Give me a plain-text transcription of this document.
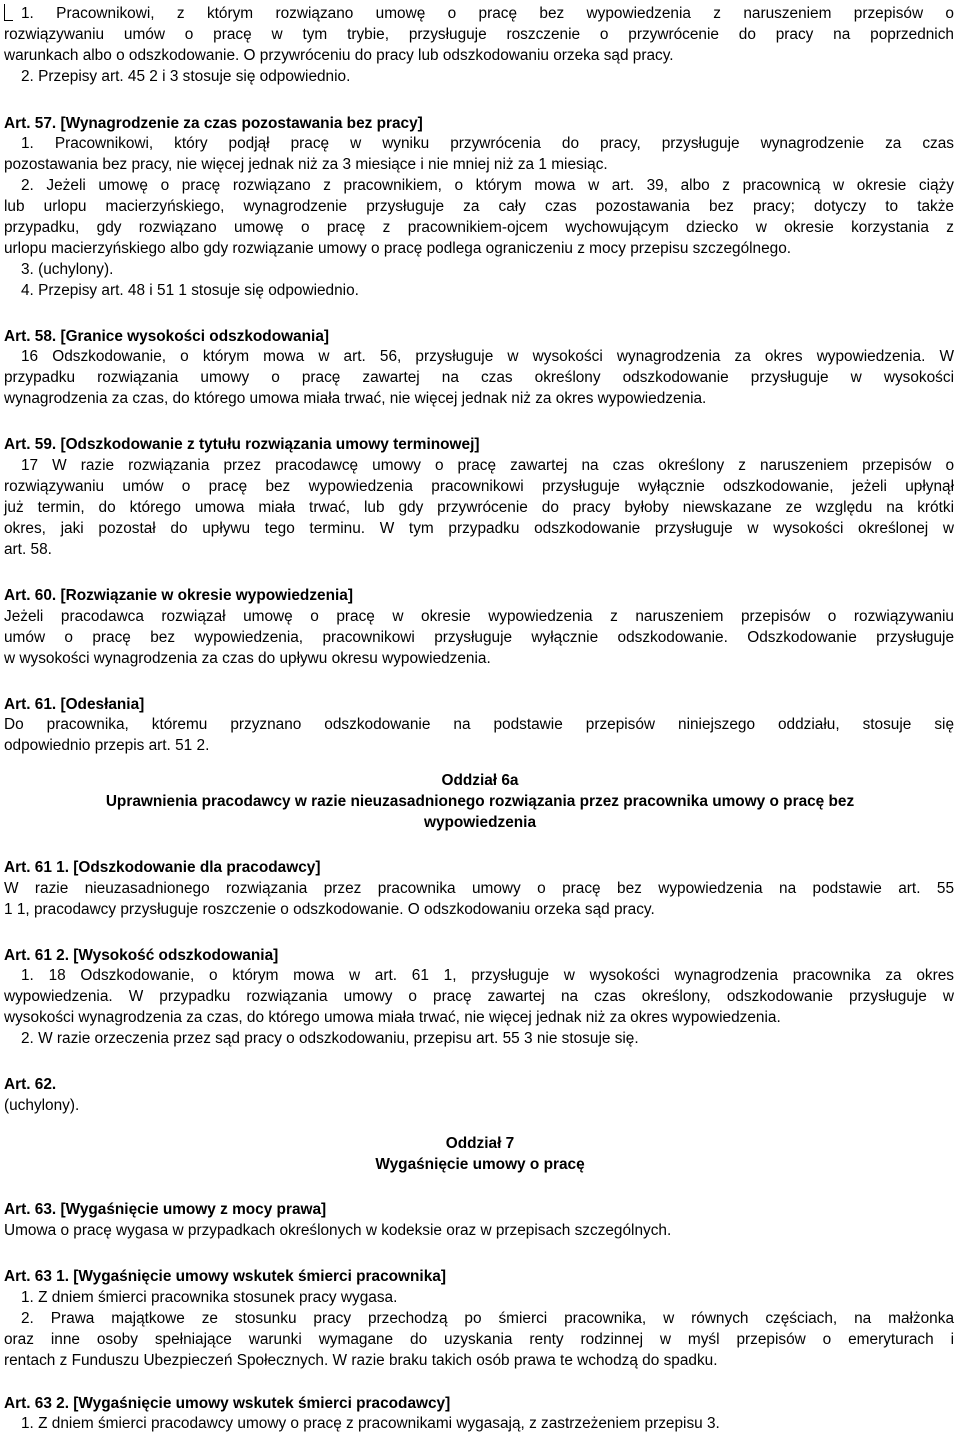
1. Pracownikowi, z którym rozwiązano umowę o pracę bez wypowiedzenia z naruszeniem przepisów o
rozwiązywaniu umów o pracę w tym trybie, przysługuje roszczenie o przywrócenie do pracy na poprzednich
warunkach albo o odszkodowanie. O przywróceniu do pracy lub odszkodowaniu orzeka sąd pracy.
2. Przepisy art. 45 2 i 3 stosuje się odpowiednio.
Art. 57. [Wynagrodzenie za czas pozostawania bez pracy]
1. Pracownikowi, który podjął pracę w wyniku przywrócenia do pracy, przysługuje wynagrodzenie za czas
pozostawania bez pracy, nie więcej jednak niż za 3 miesiące i nie mniej niż za 1 miesiąc.
2. Jeżeli umowę o pracę rozwiązano z pracownikiem, o którym mowa w art. 39, albo z pracownicą w okresie ciąży
lub urlopu macierzyńskiego, wynagrodzenie przysługuje za cały czas pozostawania bez pracy; dotyczy to także
przypadku, gdy rozwiązano umowę o pracę z pracownikiem-ojcem wychowującym dziecko w okresie korzystania z
urlopu macierzyńskiego albo gdy rozwiązanie umowy o pracę podlega ograniczeniu z mocy przepisu szczególnego.
3. (uchylony).
4. Przepisy art. 48 i 51 1 stosuje się odpowiednio.
Art. 58. [Granice wysokości odszkodowania]
16 Odszkodowanie, o którym mowa w art. 56, przysługuje w wysokości wynagrodzenia za okres wypowiedzenia. W
przypadku rozwiązania umowy o pracę zawartej na czas określony odszkodowanie przysługuje w wysokości
wynagrodzenia za czas, do którego umowa miała trwać, nie więcej jednak niż za okres wypowiedzenia.
Art. 59. [Odszkodowanie z tytułu rozwiązania umowy terminowej]
17 W razie rozwiązania przez pracodawcę umowy o pracę zawartej na czas określony z naruszeniem przepisów o
rozwiązywaniu umów o pracę bez wypowiedzenia pracownikowi przysługuje wyłącznie odszkodowanie, jeżeli upłynął
już termin, do którego umowa miała trwać, lub gdy przywrócenie do pracy byłoby niewskazane ze względu na krótki
okres, jaki pozostał do upływu tego terminu. W tym przypadku odszkodowanie przysługuje w wysokości określonej w
art. 58.
Art. 60. [Rozwiązanie w okresie wypowiedzenia]
Jeżeli pracodawca rozwiązał umowę o pracę w okresie wypowiedzenia z naruszeniem przepisów o rozwiązywaniu
umów o pracę bez wypowiedzenia, pracownikowi przysługuje wyłącznie odszkodowanie. Odszkodowanie przysługuje
w wysokości wynagrodzenia za czas do upływu okresu wypowiedzenia.
Art. 61. [Odesłania]
Do pracownika, któremu przyznano odszkodowanie na podstawie przepisów niniejszego oddziału, stosuje się
odpowiednio przepis art. 51 2.
Oddział 6a
Uprawnienia pracodawcy w razie nieuzasadnionego rozwiązania przez pracownika umowy o pracę bez
wypowiedzenia
Art. 61 1. [Odszkodowanie dla pracodawcy]
W razie nieuzasadnionego rozwiązania przez pracownika umowy o pracę bez wypowiedzenia na podstawie art. 55
1 1, pracodawcy przysługuje roszczenie o odszkodowanie. O odszkodowaniu orzeka sąd pracy.
Art. 61 2. [Wysokość odszkodowania]
1. 18 Odszkodowanie, o którym mowa w art. 61 1, przysługuje w wysokości wynagrodzenia pracownika za okres
wypowiedzenia. W przypadku rozwiązania umowy o pracę zawartej na czas określony, odszkodowanie przysługuje w
wysokości wynagrodzenia za czas, do którego umowa miała trwać, nie więcej jednak niż za okres wypowiedzenia.
2. W razie orzeczenia przez sąd pracy o odszkodowaniu, przepisu art. 55 3 nie stosuje się.
Art. 62.
(uchylony).
Oddział 7
Wygaśnięcie umowy o pracę
Art. 63. [Wygaśnięcie umowy z mocy prawa]
Umowa o pracę wygasa w przypadkach określonych w kodeksie oraz w przepisach szczególnych.
Art. 63 1. [Wygaśnięcie umowy wskutek śmierci pracownika]
1. Z dniem śmierci pracownika stosunek pracy wygasa.
2. Prawa majątkowe ze stosunku pracy przechodzą po śmierci pracownika, w równych częściach, na małżonka
oraz inne osoby spełniające warunki wymagane do uzyskania renty rodzinnej w myśl przepisów o emeryturach i
rentach z Funduszu Ubezpieczeń Społecznych. W razie braku takich osób prawa te wchodzą do spadku.
Art. 63 2. [Wygaśnięcie umowy wskutek śmierci pracodawcy]
1. Z dniem śmierci pracodawcy umowy o pracę z pracownikami wygasają, z zastrzeżeniem przepisu 3.
